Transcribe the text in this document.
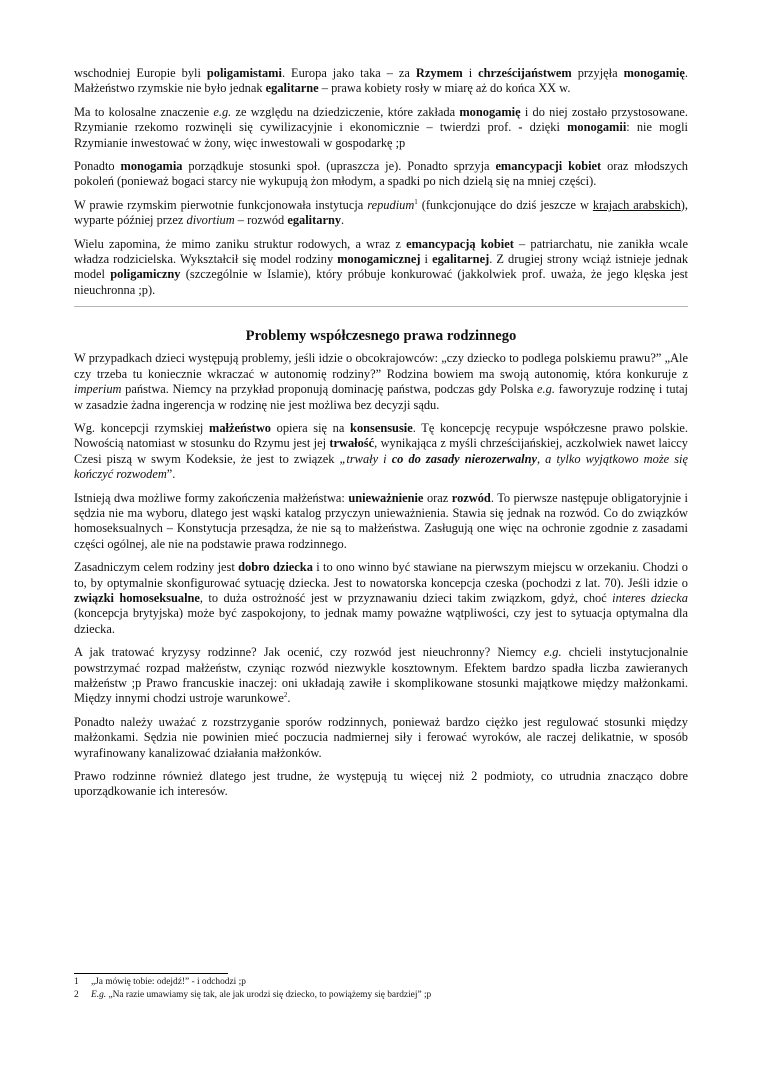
wschodniej Europie byli poligamistami. Europa jako taka – za Rzymem i chrześcijaństwem przyjęła monogamię. Małżeństwo rzymskie nie było jednak egalitarne – prawa kobiety rosły w miarę aż do końca XX w.

Ma to kolosalne znaczenie e.g. ze względu na dziedziczenie, które zakłada monogamię i do niej zostało przystosowane. Rzymianie rzekomo rozwinęli się cywilizacyjnie i ekonomicznie – twierdzi prof. - dzięki monogamii: nie mogli Rzymianie inwestować w żony, więc inwestowali w gospodarkę ;p

Ponadto monogamia porządkuje stosunki społ. (upraszcza je). Ponadto sprzyja emancypacji kobiet oraz młodszych pokoleń (ponieważ bogaci starcy nie wykupują żon młodym, a spadki po nich dzielą się na mniej części).

W prawie rzymskim pierwotnie funkcjonowała instytucja repudium$^1$ (funkcjonujące do dziś jeszcze w krajach arabskich), wyparte później przez divortium – rozwód egalitarny.

Wielu zapomina, że mimo zaniku struktur rodowych, a wraz z emancypacją kobiet – patriarchatu, nie zanikła wcale władza rodzicielska. Wykształcił się model rodziny monogamicznej i egalitarnej. Z drugiej strony wciąż istnieje jednak model poligamiczny (szczególnie w Islamie), który próbuje konkurować (jakkolwiek prof. uważa, że jego klęska jest nieuchronna ;p).

Problemy współczesnego prawa rodzinnego

W przypadkach dzieci występują problemy, jeśli idzie o obcokrajowców: „czy dziecko to podlega polskiemu prawu?” „Ale czy trzeba tu koniecznie wkraczać w autonomię rodziny?” Rodzina bowiem ma swoją autonomię, która konkuruje z imperium państwa. Niemcy na przykład proponują dominację państwa, podczas gdy Polska e.g. faworyzuje rodzinę i tutaj w zasadzie żadna ingerencja w rodzinę nie jest możliwa bez decyzji sądu.

Wg. koncepcji rzymskiej małżeństwo opiera się na konsensusie. Tę koncepcję recypuje współczesne prawo polskie. Nowością natomiast w stosunku do Rzymu jest jej trwałość, wynikająca z myśli chrześcijańskiej, aczkolwiek nawet laiccy Czesi piszą w swym Kodeksie, że jest to związek „trwały i co do zasady nierozerwalny, a tylko wyjątkowo może się kończyć rozwodem”.

Istnieją dwa możliwe formy zakończenia małżeństwa: unieważnienie oraz rozwód. To pierwsze następuje obligatoryjnie i sędzia nie ma wyboru, dlatego jest wąski katalog przyczyn unieważnienia. Stawia się jednak na rozwód. Co do związków homoseksualnych – Konstytucja przesądza, że nie są to małżeństwa. Zasługują one więc na ochronie zgodnie z zasadami części ogólnej, ale nie na podstawie prawa rodzinnego.

Zasadniczym celem rodziny jest dobro dziecka i to ono winno być stawiane na pierwszym miejscu w orzekaniu. Chodzi o to, by optymalnie skonfigurować sytuację dziecka. Jest to nowatorska koncepcja czeska (pochodzi z lat. 70). Jeśli idzie o związki homoseksualne, to duża ostrożność jest w przyznawaniu dzieci takim związkom, gdyż, choć interes dziecka (koncepcja brytyjska) może być zaspokojony, to jednak mamy poważne wątpliwości, czy jest to sytuacja optymalna dla dziecka.

A jak tratować kryzysy rodzinne? Jak ocenić, czy rozwód jest nieuchronny? Niemcy e.g. chcieli instytucjonalnie powstrzymać rozpad małżeństw, czyniąc rozwód niezwykle kosztownym. Efektem bardzo spadła liczba zawieranych małżeństw ;p Prawo francuskie inaczej: oni układają zawiłe i skomplikowane stosunki majątkowe między małżonkami. Między innymi chodzi ustroje warunkowe$^2$.

Ponadto należy uważać z rozstrzyganie sporów rodzinnych, ponieważ bardzo ciężko jest regulować stosunki między małżonkami. Sędzia nie powinien mieć poczucia nadmiernej siły i ferować wyroków, ale raczej delikatnie, w sposób wyrafinowany kanalizować działania małżonków.

Prawo rodzinne również dlatego jest trudne, że występują tu więcej niż 2 podmioty, co utrudnia znacząco dobre uporządkowanie ich interesów.

1	„Ja mówię tobie: odejdź!” - i odchodzi ;p
2	E.g. „Na razie umawiamy się tak, ale jak urodzi się dziecko, to powiążemy się bardziej” ;p
